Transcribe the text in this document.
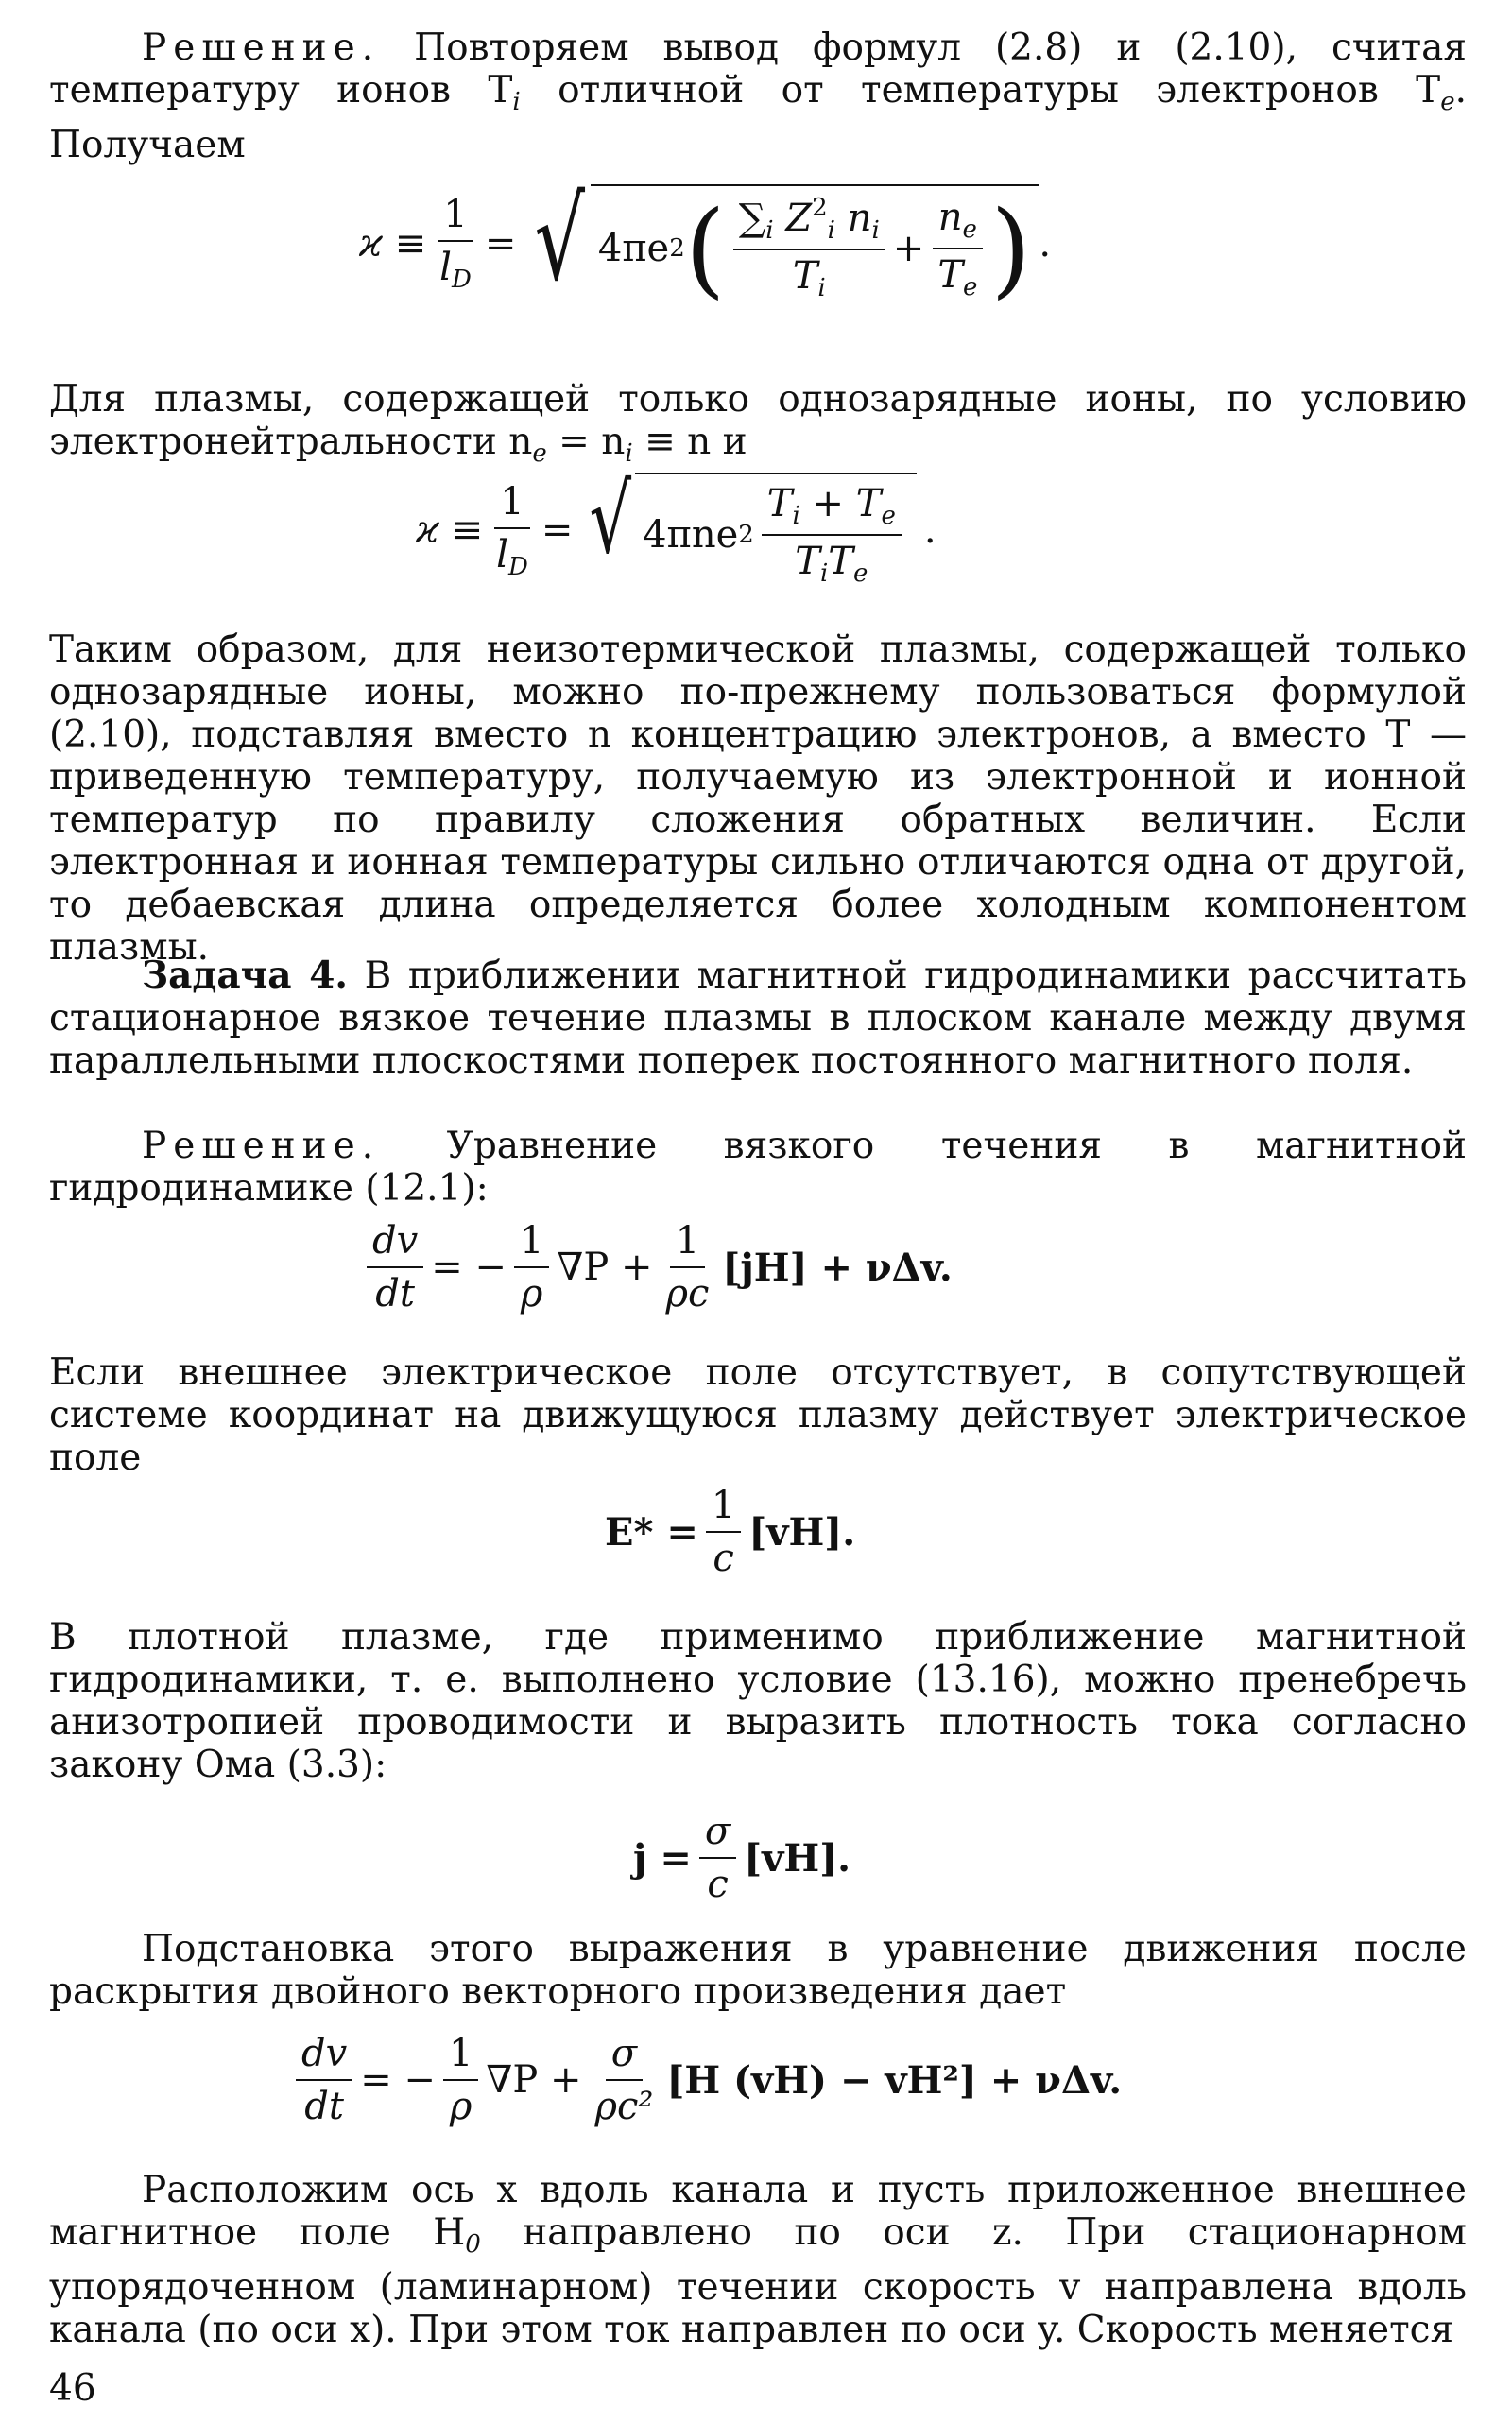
Решение. Повторяем вывод формул (2.8) и (2.10), считая температуру ионов $T_i$ отличной от температуры электронов $T_e$. Получаем

$ϰ \equiv \frac{1}{l_D}$ = √ 4πe 2 ( $\frac{\sum_i Z^2_i n_i}{T_i} + \frac{n_e}{T_e}$ ) .

Для плазмы, содержащей только однозарядные ионы, по условию электронейтральности $n_e = n_i \equiv n$ и

$ϰ \equiv \frac{1}{l_D}$ = √ 4πne $2 \frac{T_i + T_e}{T_iT_e}$ .

Таким образом, для неизотермической плазмы, содержащей только однозарядные ионы, можно по-прежнему пользоваться формулой (2.10), подставляя вместо n концентрацию электронов, а вместо T — приведенную температуру, получаемую из электронной и ионной температур по правилу сложения обратных величин. Если электронная и ионная температуры сильно отличаются одна от другой, то дебаевская длина определяется более холодным компонентом плазмы.

Задача 4. В приближении магнитной гидродинамики рассчитать стационарное вязкое течение плазмы в плоском канале между двумя параллельными плоскостями поперек постоянного магнитного поля.

Решение. Уравнение вязкого течения в магнитной гидродинамике (12.1):

$\frac{dv}{dt}$ = − $\frac{1}{\rho} \nabla P + \frac{1}{\rho c} [jH] + \nu\Delta v$.

Если внешнее электрическое поле отсутствует, в сопутствующей системе координат на движущуюся плазму действует электрическое поле

$E* = \frac{1}{c} [vH]$.

В плотной плазме, где применимо приближение магнитной гидродинамики, т. е. выполнено условие (13.16), можно пренебречь анизотропией проводимости и выразить плотность тока согласно закону Ома (3.3):

$j = \frac{\sigma}{c} [vH]$.

Подстановка этого выражения в уравнение движения после раскрытия двойного векторного произведения дает

$\frac{dv}{dt}$ = − $\frac{1}{\rho} \nabla P + \frac{\sigma}{\text{ρc²}} [H$ (vH) − vH²] + νΔv.

Расположим ось x вдоль канала и пусть приложенное внешнее магнитное поле $H_0$ направлено по оси z. При стационарном упорядоченном (ламинарном) течении скорость v направлена вдоль канала (по оси x). При этом ток направлен по оси y. Скорость меняется

46
